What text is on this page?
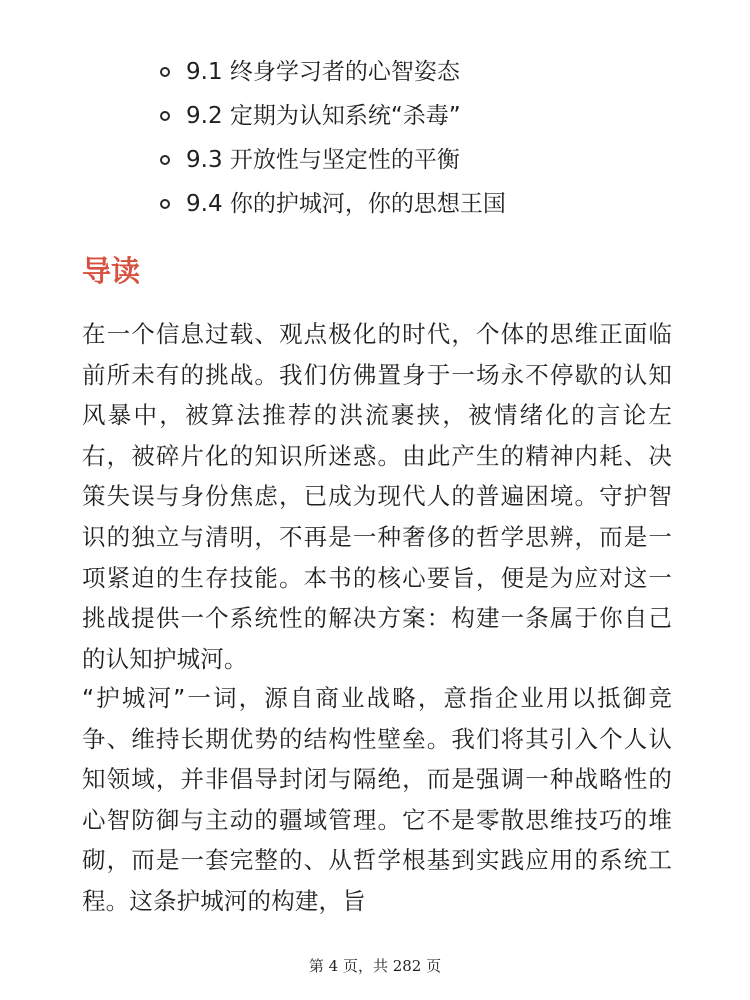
9.1 终身学习者的心智姿态
9.2 定期为认知系统“杀毒”
9.3 开放性与坚定性的平衡
9.4 你的护城河，你的思想王国
导读

在一个信息过载、观点极化的时代，个体的思维正面临前所未有的挑战。我们仿佛置身于一场永不停歇的认知风暴中，被算法推荐的洪流裹挟，被情绪化的言论左右，被碎片化的知识所迷惑。由此产生的精神内耗、决策失误与身份焦虑，已成为现代人的普遍困境。守护智识的独立与清明，不再是一种奢侈的哲学思辨，而是一项紧迫的生存技能。本书的核心要旨，便是为应对这一挑战提供一个系统性的解决方案：构建一条属于你自己的认知护城河。

“护城河”一词，源自商业战略，意指企业用以抵御竞争、维持长期优势的结构性壁垒。我们将其引入个人认知领域，并非倡导封闭与隔绝，而是强调一种战略性的心智防御与主动的疆域管理。它不是零散思维技巧的堆砌，而是一套完整的、从哲学根基到实践应用的系统工程。这条护城河的构建，旨

第 4 页，共 282 页
